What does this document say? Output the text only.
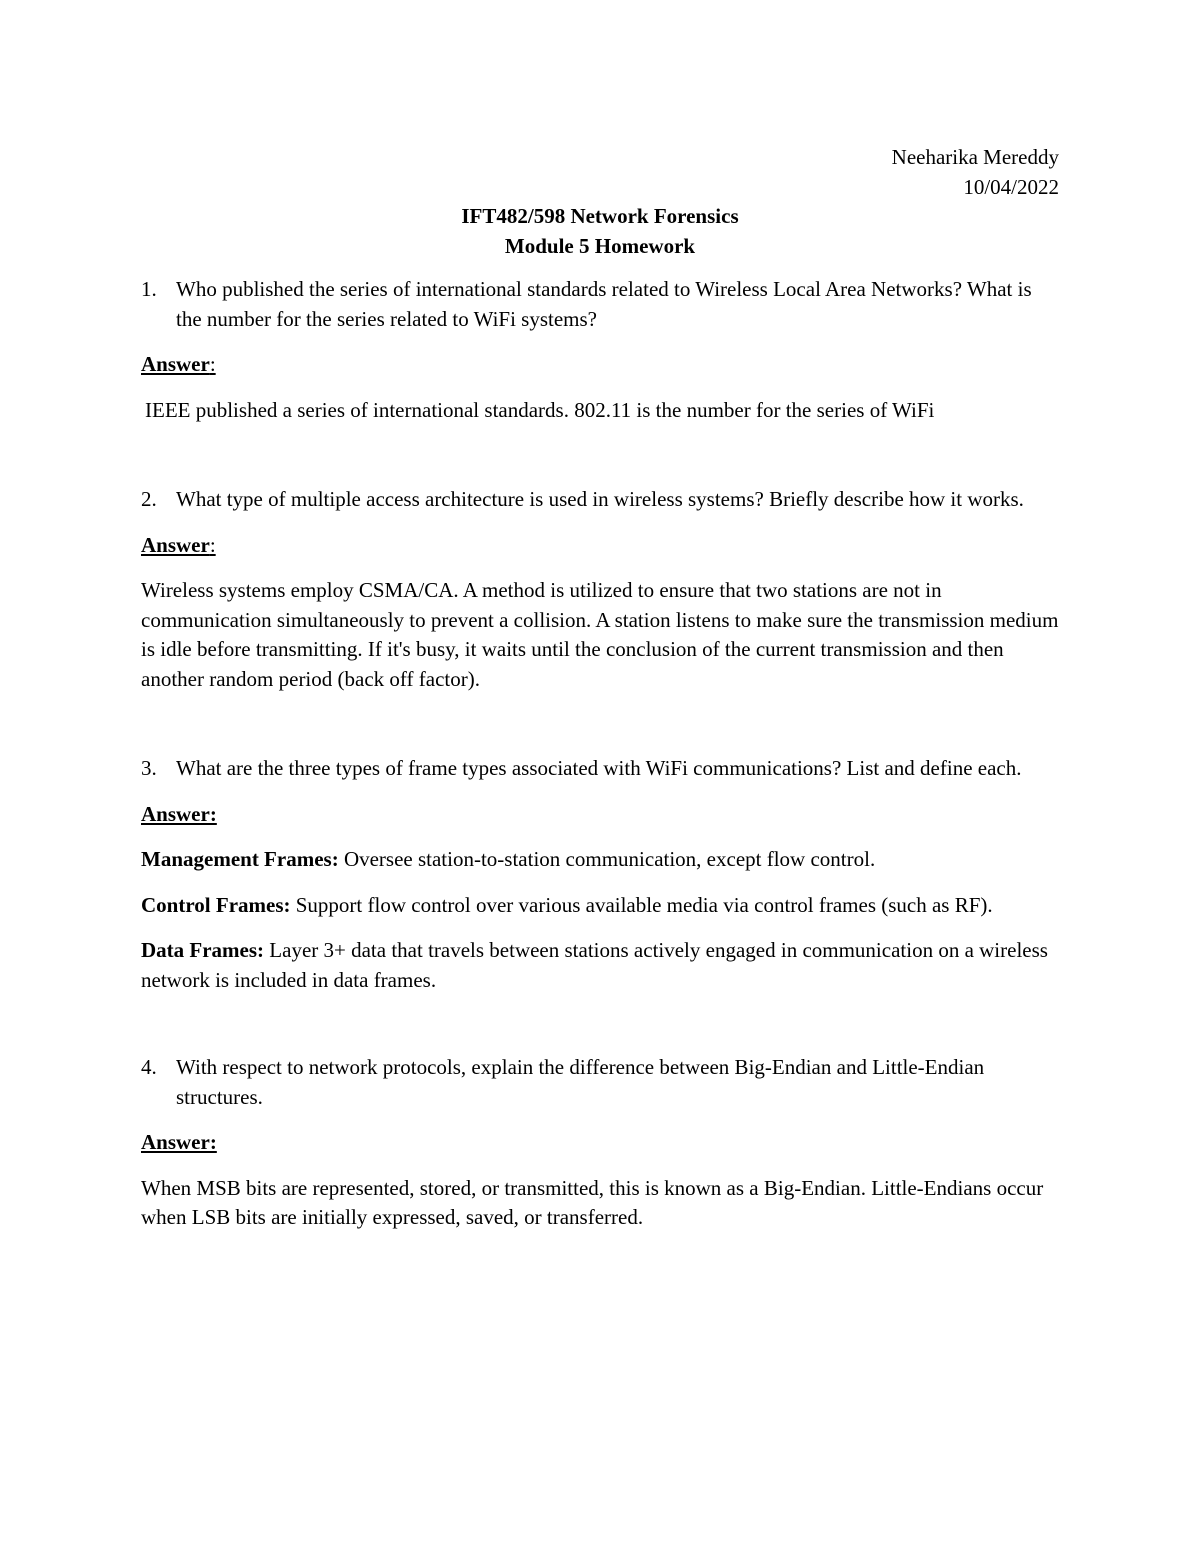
Neeharika Mereddy
10/04/2022
IFT482/598 Network Forensics
Module 5 Homework
1. Who published the series of international standards related to Wireless Local Area Networks? What is the number for the series related to WiFi systems?
Answer:
IEEE published a series of international standards. 802.11 is the number for the series of WiFi
2. What type of multiple access architecture is used in wireless systems? Briefly describe how it works.
Answer:
Wireless systems employ CSMA/CA. A method is utilized to ensure that two stations are not in communication simultaneously to prevent a collision. A station listens to make sure the transmission medium is idle before transmitting. If it's busy, it waits until the conclusion of the current transmission and then another random period (back off factor).
3. What are the three types of frame types associated with WiFi communications? List and define each.
Answer:
Management Frames: Oversee station-to-station communication, except flow control.
Control Frames: Support flow control over various available media via control frames (such as RF).
Data Frames: Layer 3+ data that travels between stations actively engaged in communication on a wireless network is included in data frames.
4. With respect to network protocols, explain the difference between Big-Endian and Little-Endian structures.
Answer:
When MSB bits are represented, stored, or transmitted, this is known as a Big-Endian. Little-Endians occur when LSB bits are initially expressed, saved, or transferred.
